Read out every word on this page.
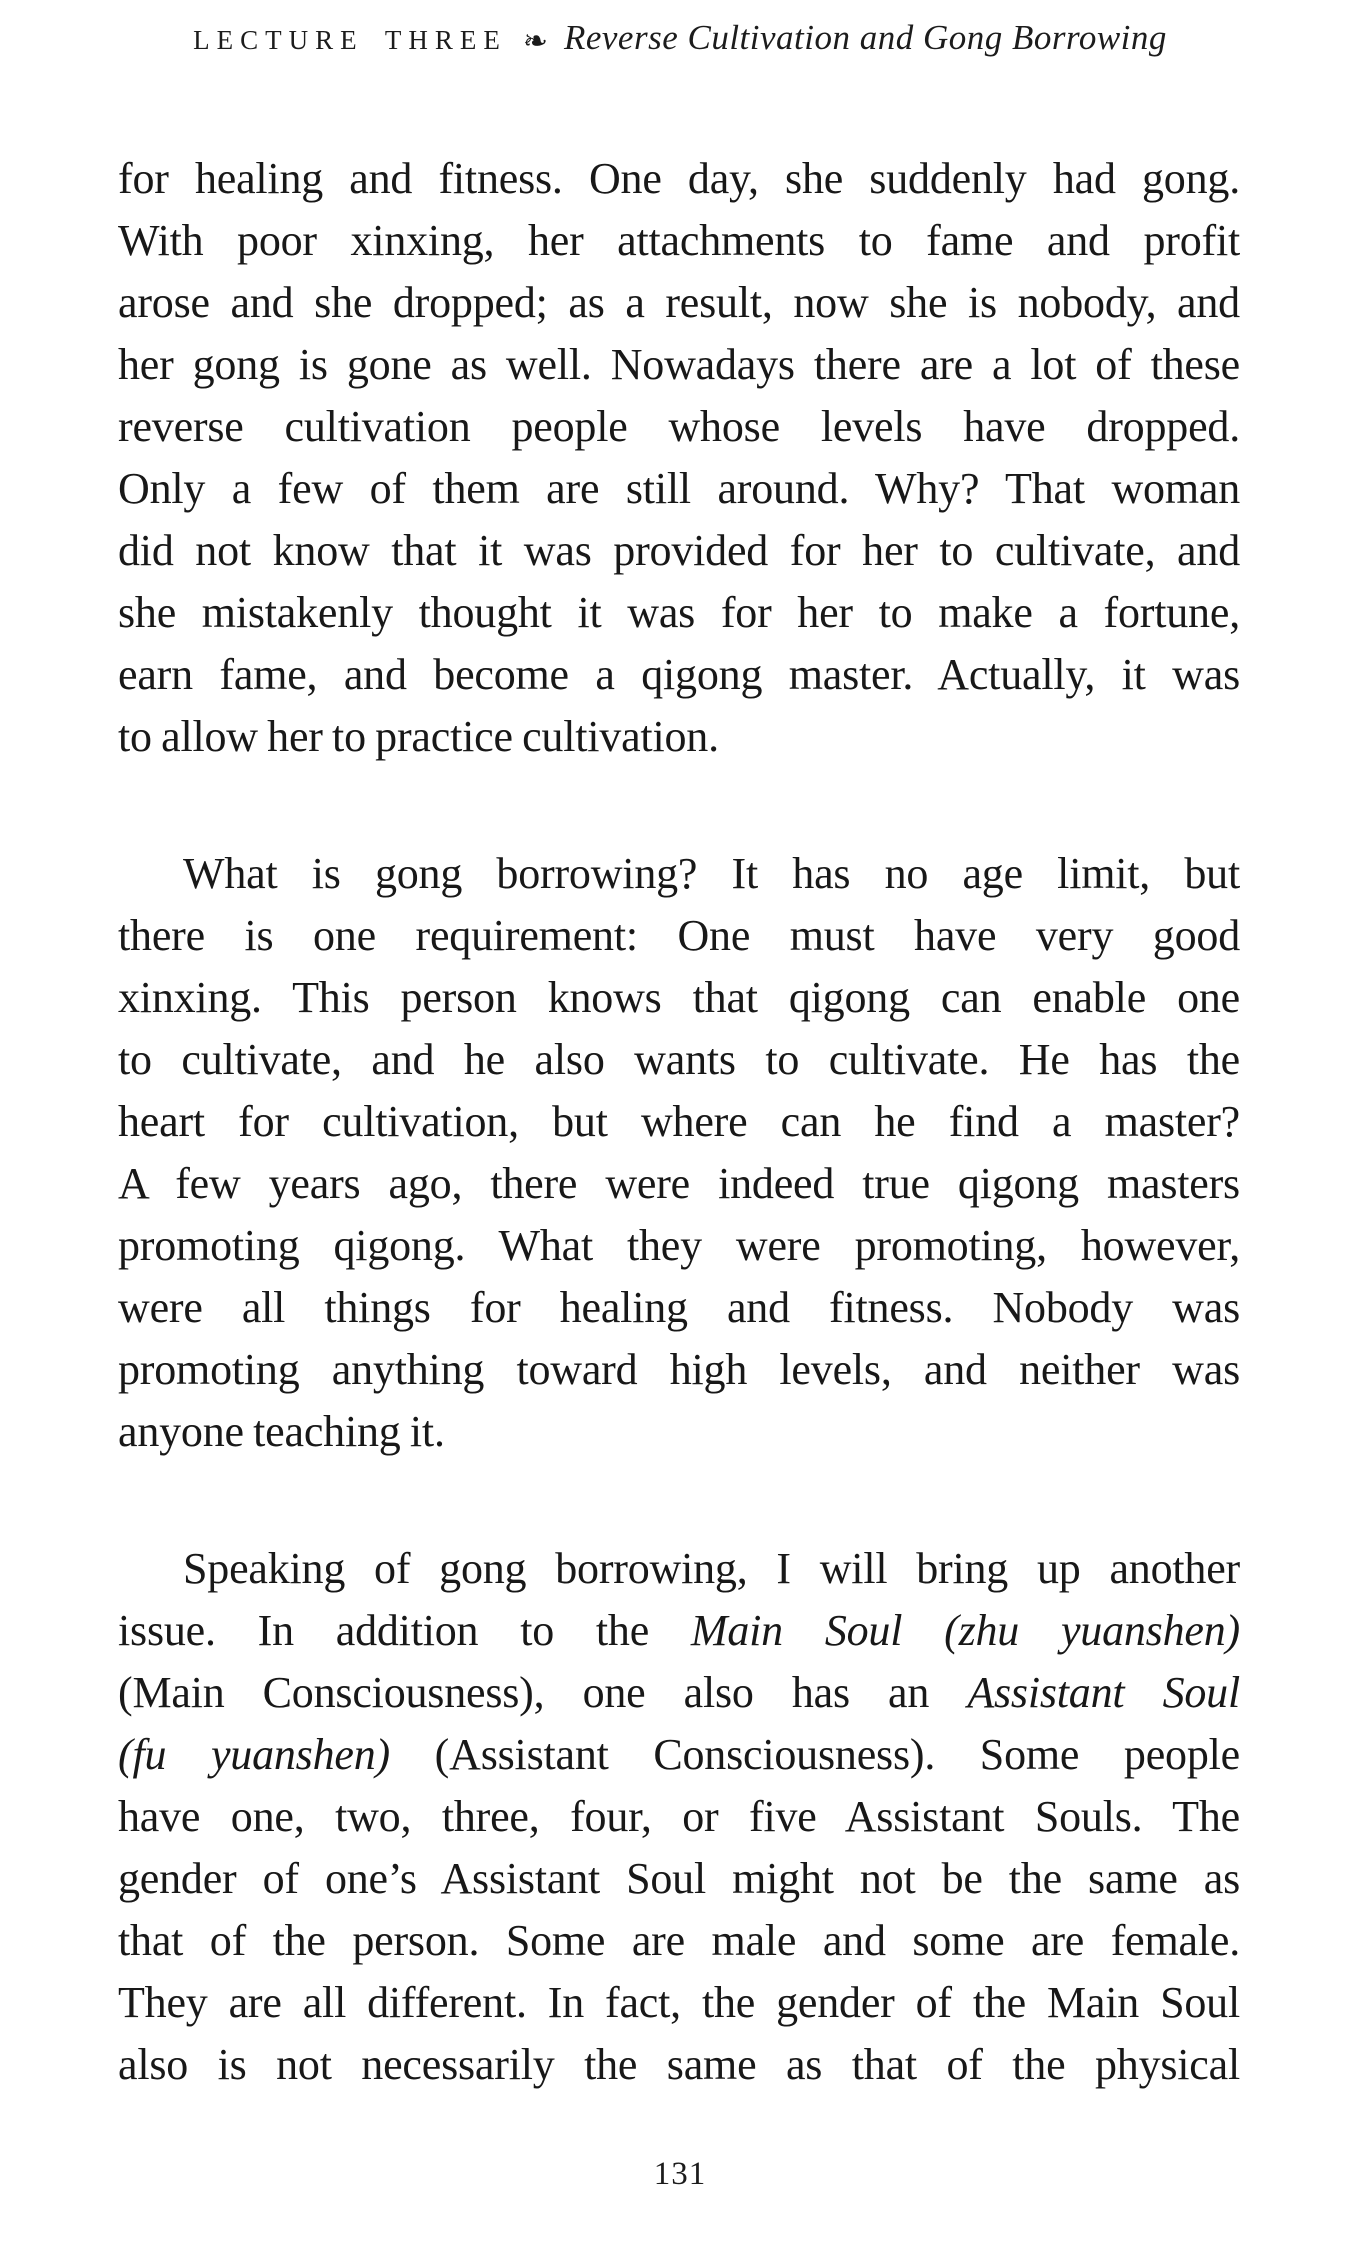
LECTURE THREE ❧ Reverse Cultivation and Gong Borrowing
for healing and fitness. One day, she suddenly had gong.
With poor xinxing, her attachments to fame and profit
arose and she dropped; as a result, now she is nobody, and
her gong is gone as well. Nowadays there are a lot of these
reverse cultivation people whose levels have dropped.
Only a few of them are still around. Why? That woman
did not know that it was provided for her to cultivate, and
she mistakenly thought it was for her to make a fortune,
earn fame, and become a qigong master. Actually, it was
to allow her to practice cultivation.
What is gong borrowing? It has no age limit, but
there is one requirement: One must have very good
xinxing. This person knows that qigong can enable one
to cultivate, and he also wants to cultivate. He has the
heart for cultivation, but where can he find a master?
A few years ago, there were indeed true qigong masters
promoting qigong. What they were promoting, however,
were all things for healing and fitness. Nobody was
promoting anything toward high levels, and neither was
anyone teaching it.
Speaking of gong borrowing, I will bring up another
issue. In addition to the Main Soul (zhu yuanshen)
(Main Consciousness), one also has an Assistant Soul
(fu yuanshen) (Assistant Consciousness). Some people
have one, two, three, four, or five Assistant Souls. The
gender of one’s Assistant Soul might not be the same as
that of the person. Some are male and some are female.
They are all different. In fact, the gender of the Main Soul
also is not necessarily the same as that of the physical
131
